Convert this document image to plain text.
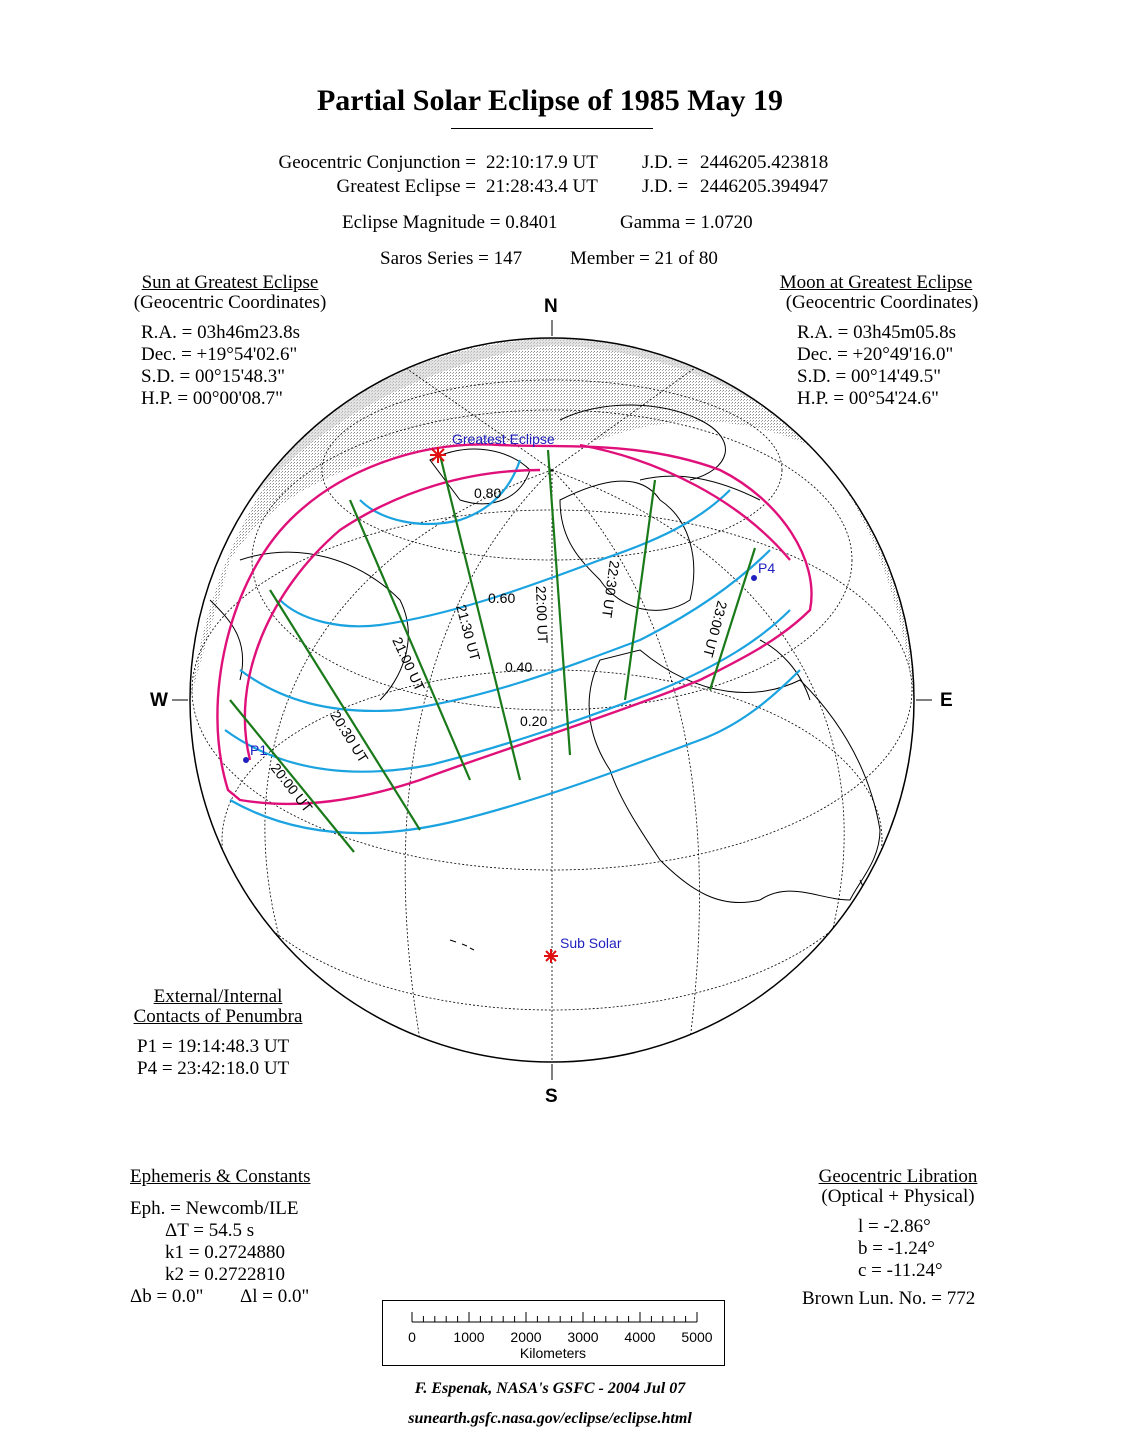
Partial Solar Eclipse of 1985 May 19
Geocentric Conjunction = 22:10:17.9 UT J.D. = 2446205.423818
Greatest Eclipse = 21:28:43.4 UT J.D. = 2446205.394947
Eclipse Magnitude = 0.8401	Gamma = 1.0720
Saros Series = 147	Member = 21 of 80
Sun at Greatest Eclipse
(Geocentric Coordinates)
R.A. = 03h46m23.8s
Dec. = +19°54'02.6"
S.D. = 00°15'48.3"
H.P. = 00°00'08.7"
Moon at Greatest Eclipse
(Geocentric Coordinates)
R.A. = 03h45m05.8s
Dec. = +20°49'16.0"
S.D. = 00°14'49.5"
H.P. = 00°54'24.6"
Greatest Eclipse
Sub Solar
P1
P4
0.80
0.60
0.40
0.20
20:00 UT
20:30 UT
21:00 UT
21:30 UT	22:00 UT	22:30 UT
23:00 UT
N
S
W	E
External/Internal
Contacts of Penumbra
P1 = 19:14:48.3 UT
P4 = 23:42:18.0 UT
Ephemeris & Constants
Eph. = Newcomb/ILE
ΔT = 54.5 s
k1 = 0.2724880
k2 = 0.2722810
Δb = 0.0" Δl = 0.0"
Geocentric Libration
(Optical + Physical)
l = -2.86°
b = -1.24°
c = -11.24°
Brown Lun. No. = 772
0	1000 2000 3000 4000 5000
Kilometers
F. Espenak, NASA's GSFC - 2004 Jul 07
sunearth.gsfc.nasa.gov/eclipse/eclipse.html
